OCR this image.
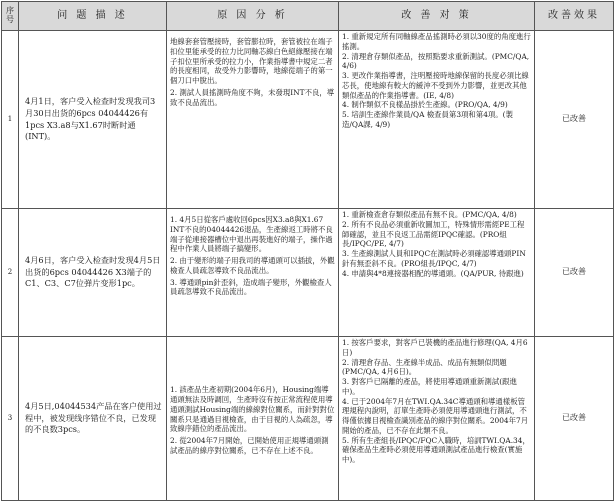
序号	问 题 描 述	原 因 分 析	改 善 对 策	改善效果
1	4月1日，客户受入检查时发现我司3月30日出货的6pcs 04044426有1pcs X3.a8与X1.67时断时通(INT)。	地線套套管壓接時，套管膨拉時，套管被拉在端子扣位里能承受的拉力比同軸芯線白色絕緣壓接在端子扣位里所承受的拉力小，作業指導書中規定二者的長度相同，故受外力影響時，地線從端子的第一個刀口中脫出。
2. 測試人員搖測時角度不夠，未發現INT不良，導致不良品流出。	1. 重新規定所有同軸線產品搖測時必須以30度的角度進行搖測。
2. 清理倉存類似產品，按照點要求重新測試。(PMC/QA, 4/6)
3. 更改作業指導書，注明壓接時地線保留的長度必須比線芯長，使地線有較大的緩沖不受到外力影響，並更改其他類似產品的作業指導書。(IE, 4/8)
4. 制作類似不良樣品掛於生產線。(PRO/QA, 4/9)
5. 培訓生產線作業員/QA 檢查員第3項和第4項。(製造/QA課, 4/9)	已改善
2	4月6日，客户受入检查时发现4月5日出货的6pcs 04044426 X3端子的C1、C3、C7位弹片变形1pc。	1. 4月5日從客戶處收回6pcs因X3.a8與X1.67 INT不良的04044426退品，生產線返工時將不良端子從連接器槽位中退出再裝進好的端子，操作過程中作業人員將端子搞變形。
2. 由于變形的端子用我司的導通頭可以插拔，外觀檢查人員疏忽導致不良品流出。
3. 導通頭pin針歪斜，造成端子變形，外觀檢查人員疏忽導致不良品流出。	1. 重新檢查倉存類似產品有無不良。(PMC/QA, 4/8)
2. 所有不良品必須重新收圖加工，特殊情形需經PE工程師確認，並且不良返工品需經IPQC確認。(PRO組長/IPQC/PE, 4/7)
3. 生產線測試人員和IPQC在測試時必須確認導通頭PIN針有無歪斜不良。(PRO組長/IPQC, 4/7)
4. 申請與4*8連接器相配的導通頭。(QA/PUR, 待跟進)	已改善
3	4月5日,04044534产品在客户使用过程中，被发现线序错位不良，已发现的不良数3pcs。	1. 該產品生產初期(2004年6月)，Housing端導通頭無法及時調回，生產時沒有按正常流程使用導通頭測試Housing端的線線對位關系，而針對對位關系只是通過目視檢查，由于目視的人為疏忽，導致線序錯位的產品流出。
2. 從2004年7月開始，已開始使用正規導通頭測試產品的線序對位關系，已不存在上述不良。	1. 按客戶要求，對客戶已裝機的產品進行修理(QA, 4月6日)
2. 清理倉存品、生產線半成品、成品有無類似問題(PMC/QA, 4月6日)。
3. 對客戶已隔離的產品，將使用導通頭重新測試(跟進中)。
4. 已于2004年7月在TWI.QA.34C導通頭和導通樣板管理規程內說明，訂單生產時必須使用導通頭進行測試，不得僅依據目視檢查識別產品的線序對位關系。2004年7月開始的產品，已不存在此類不良。
5. 所有生產組長/IPQC/FQC入職時，培訓TWI.QA.34，確保產品生產時必須使用導通頭測試產品進行檢查(實施中)。	已改善
